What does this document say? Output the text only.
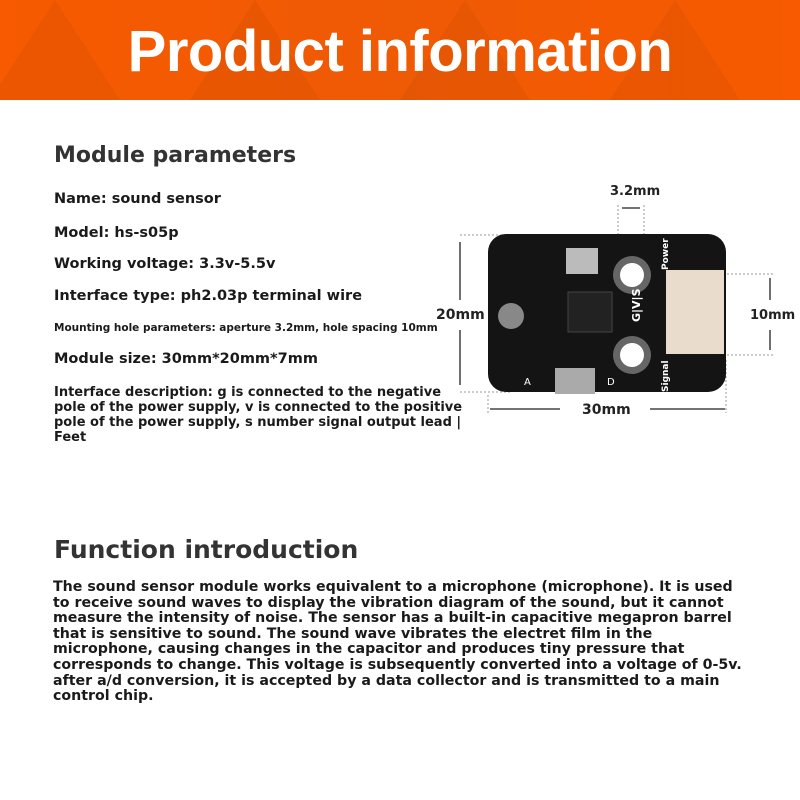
Product information
Module parameters
Name: sound sensor
Model: hs-s05p
Working voltage: 3.3v-5.5v
Interface type: ph2.03p terminal wire
Mounting hole parameters: aperture 3.2mm, hole spacing 10mm
Module size: 30mm*20mm*7mm
Interface description: g is connected to the negative pole of the power supply, v is connected to the positive pole of the power supply, s number signal output lead | Feet
G|V|S
Power
Signal
A	D
3.2mm
20mm
30mm
10mm
Function introduction
The sound sensor module works equivalent to a microphone (microphone). It is used to receive sound waves to display the vibration diagram of the sound, but it cannot measure the intensity of noise. The sensor has a built-in capacitive megapron barrel that is sensitive to sound. The sound wave vibrates the electret film in the microphone, causing changes in the capacitor and produces tiny pressure that corresponds to change. This voltage is subsequently converted into a voltage of 0-5v. after a/d conversion, it is accepted by a data collector and is transmitted to a main control chip.
